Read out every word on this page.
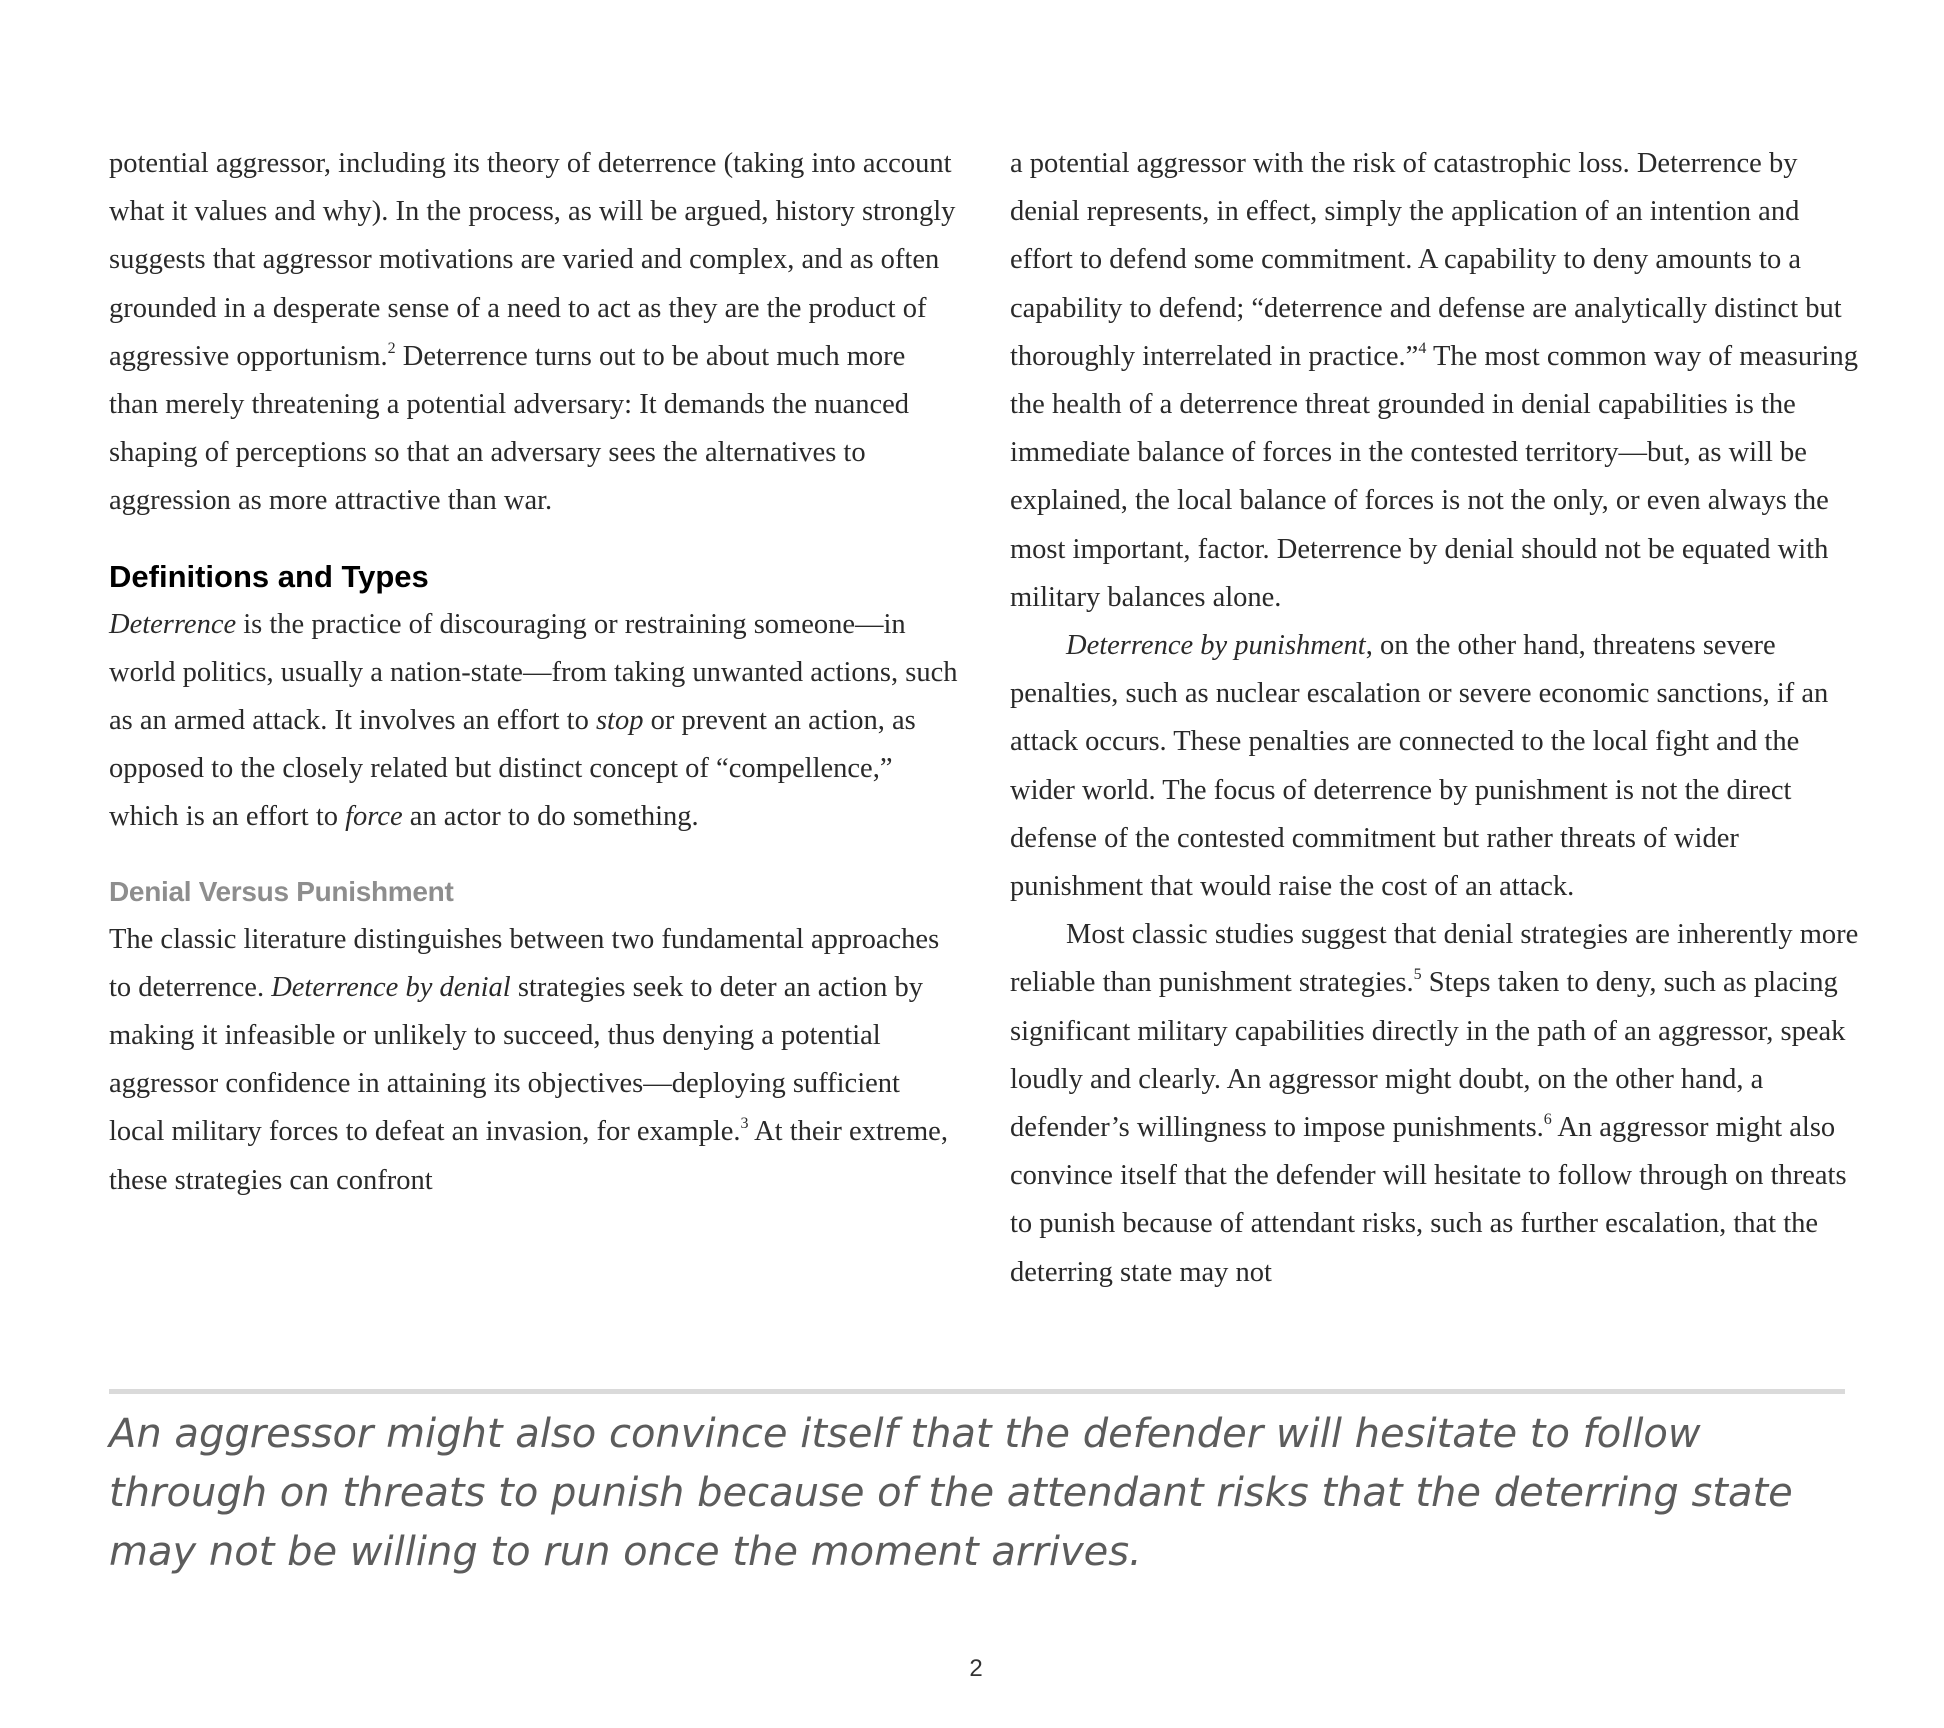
potential aggressor, including its theory of deterrence (taking into account what it values and why). In the process, as will be argued, history strongly suggests that aggressor motivations are varied and complex, and as often grounded in a desperate sense of a need to act as they are the product of aggressive opportunism.$^2$ Deterrence turns out to be about much more than merely threatening a potential adversary: It demands the nuanced shaping of perceptions so that an adversary sees the alternatives to aggression as more attractive than war.

Definitions and Types

Deterrence is the practice of discouraging or restraining someone—in world politics, usually a nation-state—from taking unwanted actions, such as an armed attack. It involves an effort to stop or prevent an action, as opposed to the closely related but distinct concept of “compellence,” which is an effort to force an actor to do something.

Denial Versus Punishment

The classic literature distinguishes between two fundamental approaches to deterrence. Deterrence by denial strategies seek to deter an action by making it infeasible or unlikely to succeed, thus denying a potential aggressor confidence in attaining its objectives—deploying sufficient local military forces to defeat an invasion, for example.$^3$ At their extreme, these strategies can confront

a potential aggressor with the risk of catastrophic loss. Deterrence by denial represents, in effect, simply the application of an intention and effort to defend some commitment. A capability to deny amounts to a capability to defend; “deterrence and defense are analytically distinct but thoroughly interrelated in practice.”$^4$ The most common way of measuring the health of a deterrence threat grounded in denial capabilities is the immediate balance of forces in the contested territory—but, as will be explained, the local balance of forces is not the only, or even always the most important, factor. Deterrence by denial should not be equated with military balances alone.

Deterrence by punishment, on the other hand, threatens severe penalties, such as nuclear escalation or severe economic sanctions, if an attack occurs. These penalties are connected to the local fight and the wider world. The focus of deterrence by punishment is not the direct defense of the contested commitment but rather threats of wider punishment that would raise the cost of an attack.

Most classic studies suggest that denial strategies are inherently more reliable than punishment strategies.$^5$ Steps taken to deny, such as placing significant military capabilities directly in the path of an aggressor, speak loudly and clearly. An aggressor might doubt, on the other hand, a defender’s willingness to impose punishments.$^6$ An aggressor might also convince itself that the defender will hesitate to follow through on threats to punish because of attendant risks, such as further escalation, that the deterring state may not

An aggressor might also convince itself that the defender will hesitate to follow through on threats to punish because of the attendant risks that the deterring state may not be willing to run once the moment arrives.

2
